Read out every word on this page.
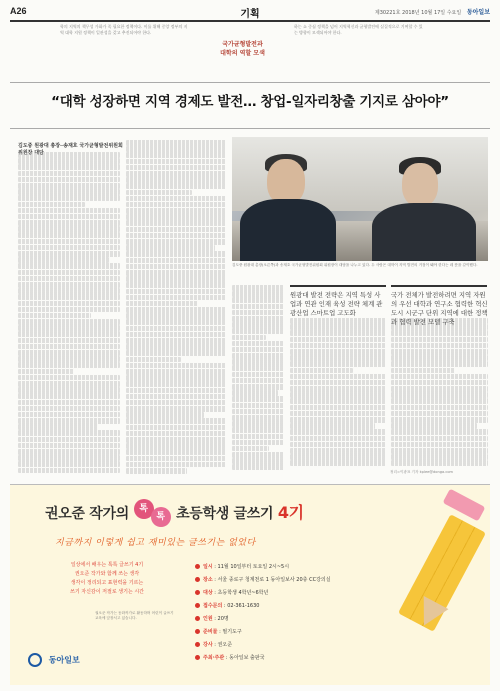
A26	기획	제30221호 2018년 10월 17일 수요일 동아일보
학의 지역의 책무성 가화가 꼭 필요한 정책이다. 이를 위해 중앙 정부의 지역 대학 지원 정책이 일관성을 갖고 추진되어야 한다.
국가균형발전과
대학의 역할 모색
하는 쇼 중심 정책을 넘어 지역혁신과 균형발전에 실질적으로 기여할 수 있는 방향이 모색되어야 한다.
“대학 성장하면 지역 경제도 발전… 창업-일자리창출 기지로 삼아야”
김도중 원광대 총장─송재호 국가균형발전위원회 위원장 대담
김도중 원광대 총장(오른쪽)과 송재호 국가균형발전위원회 위원장이 대담을 나누고 있다. 두 사람은 대학이 지역 발전의 거점이 돼야 한다는 데 뜻을 같이했다.
원광대 발전 전략은 지역 특성 사업과 연관 인재 육성 전략 체계 관광산업 스마트업 고도화
국가 전체가 발전하려면 지역 자원의 우선 대학과 연구소 협력한 혁신도시 시군구 단위 지역에 대한 정책과 협력 발전 모델 구축
정리=이광표 기자 kplee@donga.com
권오준 작가의	톡
톡 초등학생 글쓰기 4기
지금까지 이렇게 쉽고 재미있는 글쓰기는 없었다
일상에서 배우는 톡톡 글쓰기 4기
권오준 작가와 함께 쓰는 생각
생각이 정리되고 표현력을 기르는
쓰기 자신감이 저절로 생기는 시간
권오준 작가는 동화작가로 활동하며 어린이 글쓰기 교육에 앞장서고 있습니다.
동아일보
일시 : 11월 10일부터 토요일 2시~5시
장소 : 서울 종로구 청계천로 1 동아일보사 20층 CC강의실
대상 : 초등학생 4학년~6학년
접수문의 : 02-361-1630
인원 : 20명
준비물 : 필기도구
강사 : 권오준
주최·주관 : 동아일보 출판국
